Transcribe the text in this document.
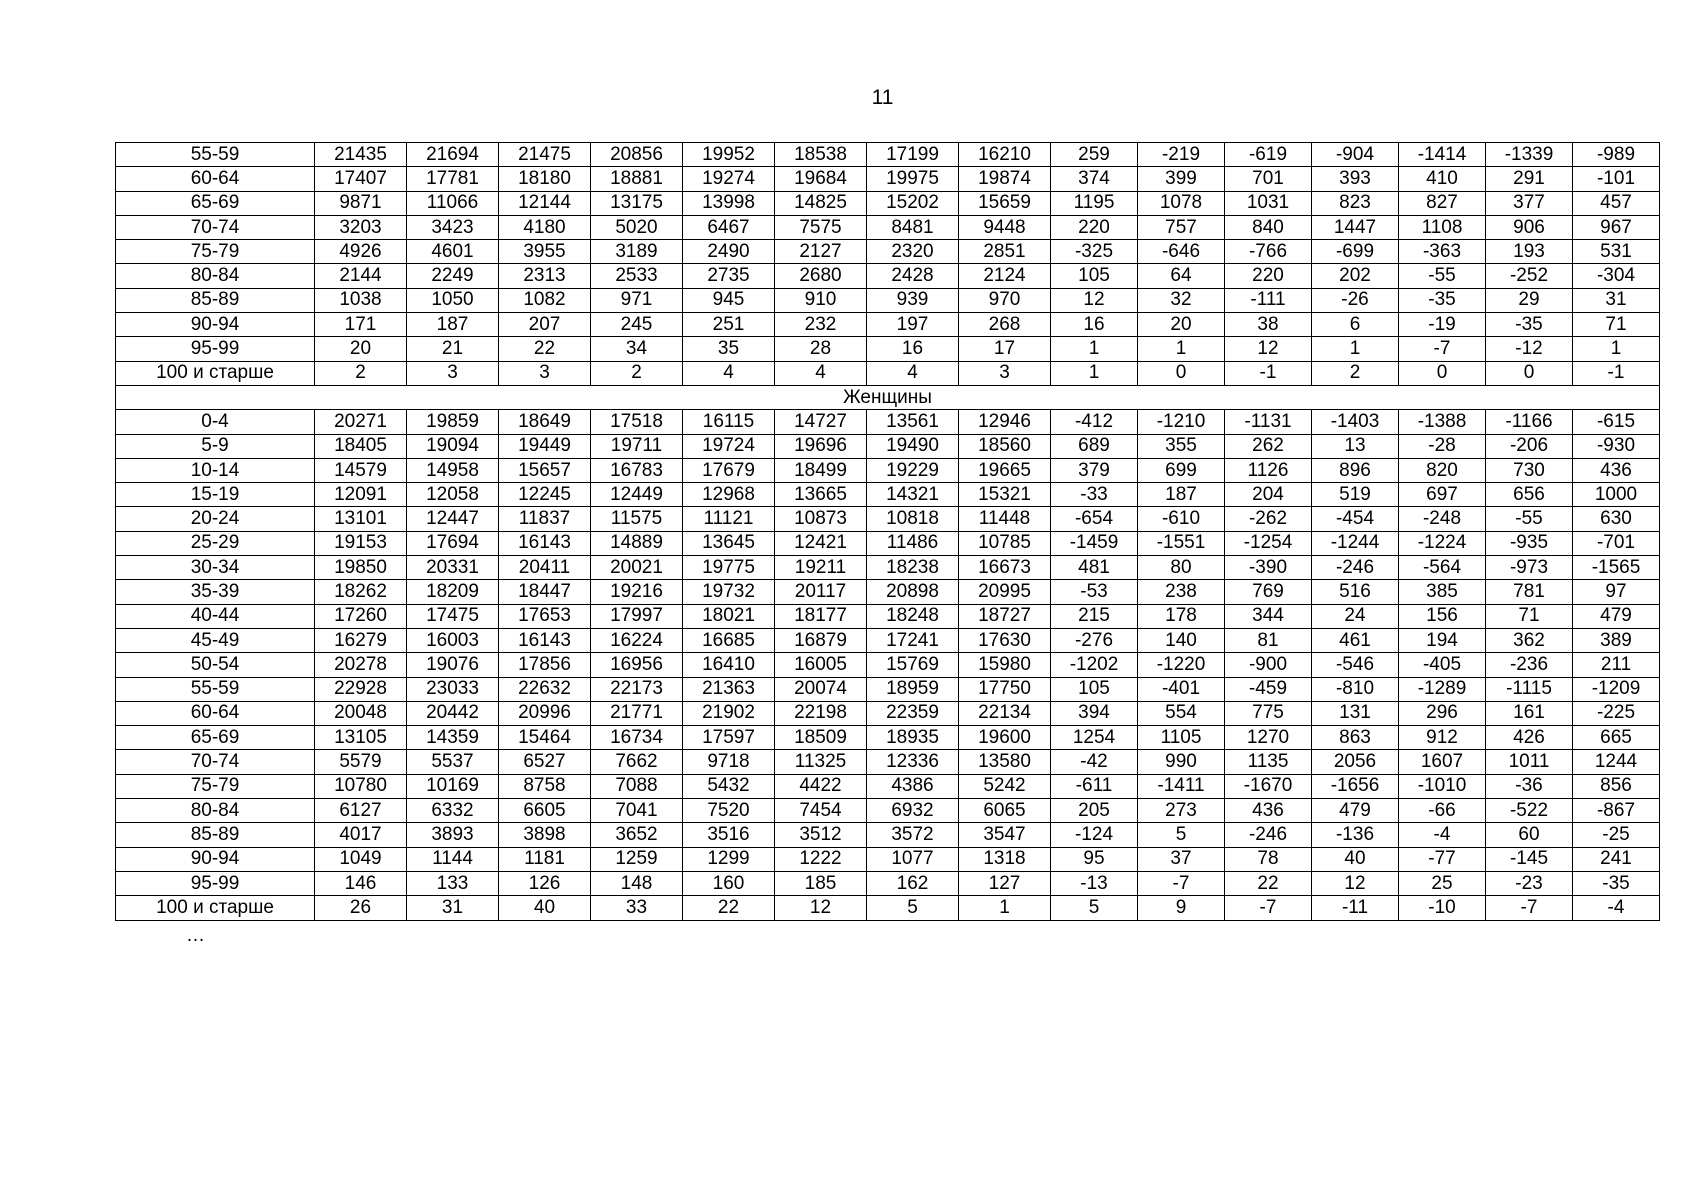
11
55-59	21435	21694	21475	20856	19952	18538	17199	16210	259	-219	-619	-904	-1414	-1339	-989
60-64	17407	17781	18180	18881	19274	19684	19975	19874	374	399	701	393	410	291	-101
65-69	9871	11066	12144	13175	13998	14825	15202	15659	1195	1078	1031	823	827	377	457
70-74	3203	3423	4180	5020	6467	7575	8481	9448	220	757	840	1447	1108	906	967
75-79	4926	4601	3955	3189	2490	2127	2320	2851	-325	-646	-766	-699	-363	193	531
80-84	2144	2249	2313	2533	2735	2680	2428	2124	105	64	220	202	-55	-252	-304
85-89	1038	1050	1082	971	945	910	939	970	12	32	-111	-26	-35	29	31
90-94	171	187	207	245	251	232	197	268	16	20	38	6	-19	-35	71
95-99	20	21	22	34	35	28	16	17	1	1	12	1	-7	-12	1
100 и старше	2	3	3	2	4	4	4	3	1	0	-1	2	0	0	-1
Женщины															
0-4	20271	19859	18649	17518	16115	14727	13561	12946	-412	-1210	-1131	-1403	-1388	-1166	-615
5-9	18405	19094	19449	19711	19724	19696	19490	18560	689	355	262	13	-28	-206	-930
10-14	14579	14958	15657	16783	17679	18499	19229	19665	379	699	1126	896	820	730	436
15-19	12091	12058	12245	12449	12968	13665	14321	15321	-33	187	204	519	697	656	1000
20-24	13101	12447	11837	11575	11121	10873	10818	11448	-654	-610	-262	-454	-248	-55	630
25-29	19153	17694	16143	14889	13645	12421	11486	10785	-1459	-1551	-1254	-1244	-1224	-935	-701
30-34	19850	20331	20411	20021	19775	19211	18238	16673	481	80	-390	-246	-564	-973	-1565
35-39	18262	18209	18447	19216	19732	20117	20898	20995	-53	238	769	516	385	781	97
40-44	17260	17475	17653	17997	18021	18177	18248	18727	215	178	344	24	156	71	479
45-49	16279	16003	16143	16224	16685	16879	17241	17630	-276	140	81	461	194	362	389
50-54	20278	19076	17856	16956	16410	16005	15769	15980	-1202	-1220	-900	-546	-405	-236	211
55-59	22928	23033	22632	22173	21363	20074	18959	17750	105	-401	-459	-810	-1289	-1115	-1209
60-64	20048	20442	20996	21771	21902	22198	22359	22134	394	554	775	131	296	161	-225
65-69	13105	14359	15464	16734	17597	18509	18935	19600	1254	1105	1270	863	912	426	665
70-74	5579	5537	6527	7662	9718	11325	12336	13580	-42	990	1135	2056	1607	1011	1244
75-79	10780	10169	8758	7088	5432	4422	4386	5242	-611	-1411	-1670	-1656	-1010	-36	856
80-84	6127	6332	6605	7041	7520	7454	6932	6065	205	273	436	479	-66	-522	-867
85-89	4017	3893	3898	3652	3516	3512	3572	3547	-124	5	-246	-136	-4	60	-25
90-94	1049	1144	1181	1259	1299	1222	1077	1318	95	37	78	40	-77	-145	241
95-99	146	133	126	148	160	185	162	127	-13	-7	22	12	25	-23	-35
100 и старше	26	31	40	33	22	12	5	1	5	9	-7	-11	-10	-7	-4
…
